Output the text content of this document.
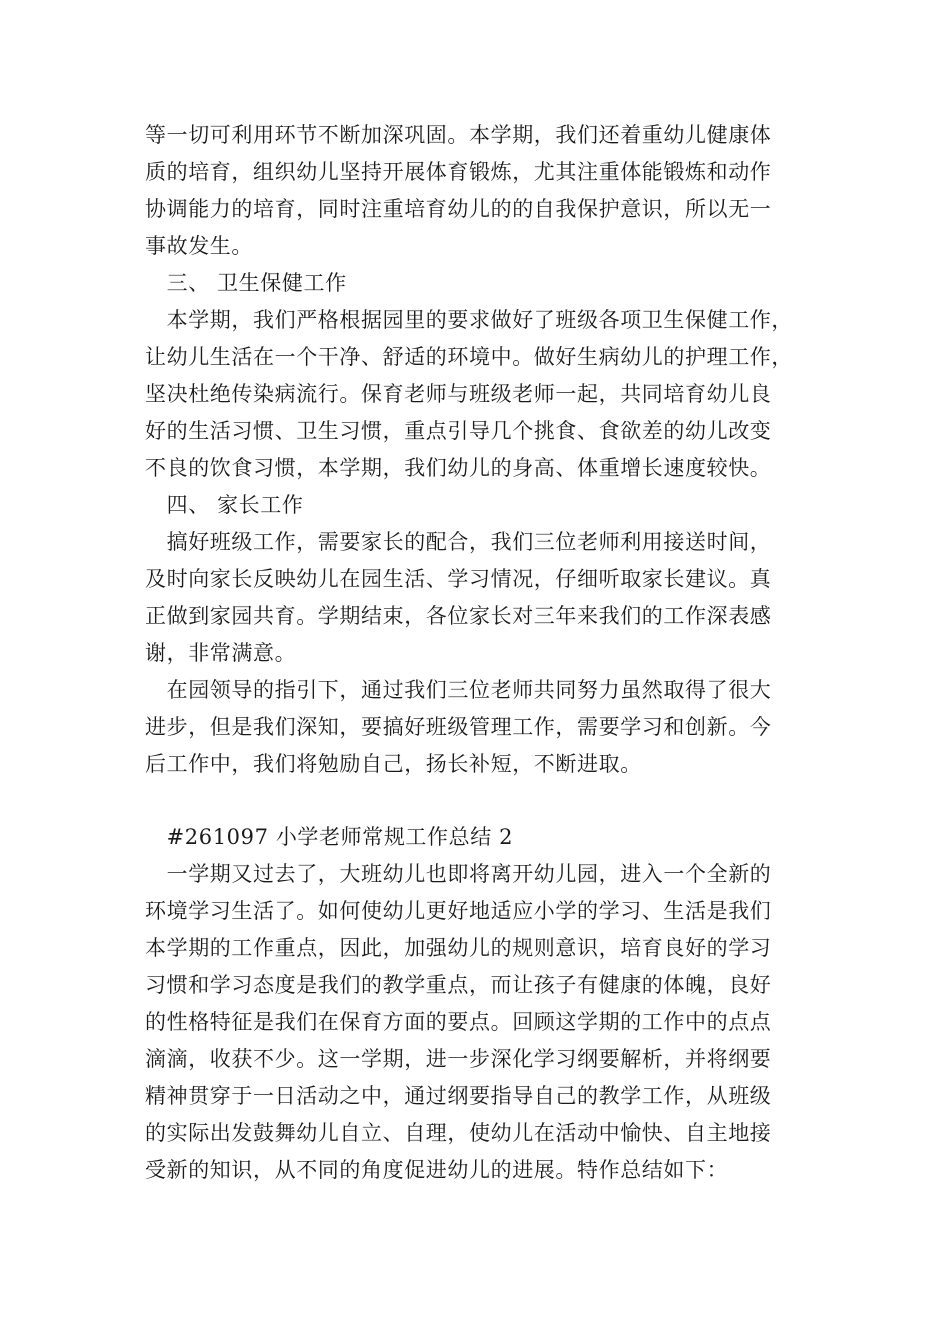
等一切可利用环节不断加深巩固。本学期，我们还着重幼儿健康体

质的培育，组织幼儿坚持开展体育锻炼，尤其注重体能锻炼和动作

协调能力的培育，同时注重培育幼儿的的自我保护意识，所以无一

事故发生。

　三、 卫生保健工作

　本学期，我们严格根据园里的要求做好了班级各项卫生保健工作，

让幼儿生活在一个干净、舒适的环境中。做好生病幼儿的护理工作，

坚决杜绝传染病流行。保育老师与班级老师一起，共同培育幼儿良

好的生活习惯、卫生习惯，重点引导几个挑食、食欲差的幼儿改变

不良的饮食习惯，本学期，我们幼儿的身高、体重增长速度较快。

　四、 家长工作

　搞好班级工作，需要家长的配合，我们三位老师利用接送时间，

及时向家长反映幼儿在园生活、学习情况，仔细听取家长建议。真

正做到家园共育。学期结束，各位家长对三年来我们的工作深表感

谢，非常满意。

　在园领导的指引下，通过我们三位老师共同努力虽然取得了很大

进步，但是我们深知，要搞好班级管理工作，需要学习和创新。今

后工作中，我们将勉励自己，扬长补短，不断进取。

　#261097 小学老师常规工作总结 2

　一学期又过去了，大班幼儿也即将离开幼儿园，进入一个全新的

环境学习生活了。如何使幼儿更好地适应小学的学习、生活是我们

本学期的工作重点，因此，加强幼儿的规则意识，培育良好的学习

习惯和学习态度是我们的教学重点，而让孩子有健康的体魄，良好

的性格特征是我们在保育方面的要点。回顾这学期的工作中的点点

滴滴，收获不少。这一学期，进一步深化学习纲要解析，并将纲要

精神贯穿于一日活动之中，通过纲要指导自己的教学工作，从班级

的实际出发鼓舞幼儿自立、自理，使幼儿在活动中愉快、自主地接

受新的知识，从不同的角度促进幼儿的进展。特作总结如下：
